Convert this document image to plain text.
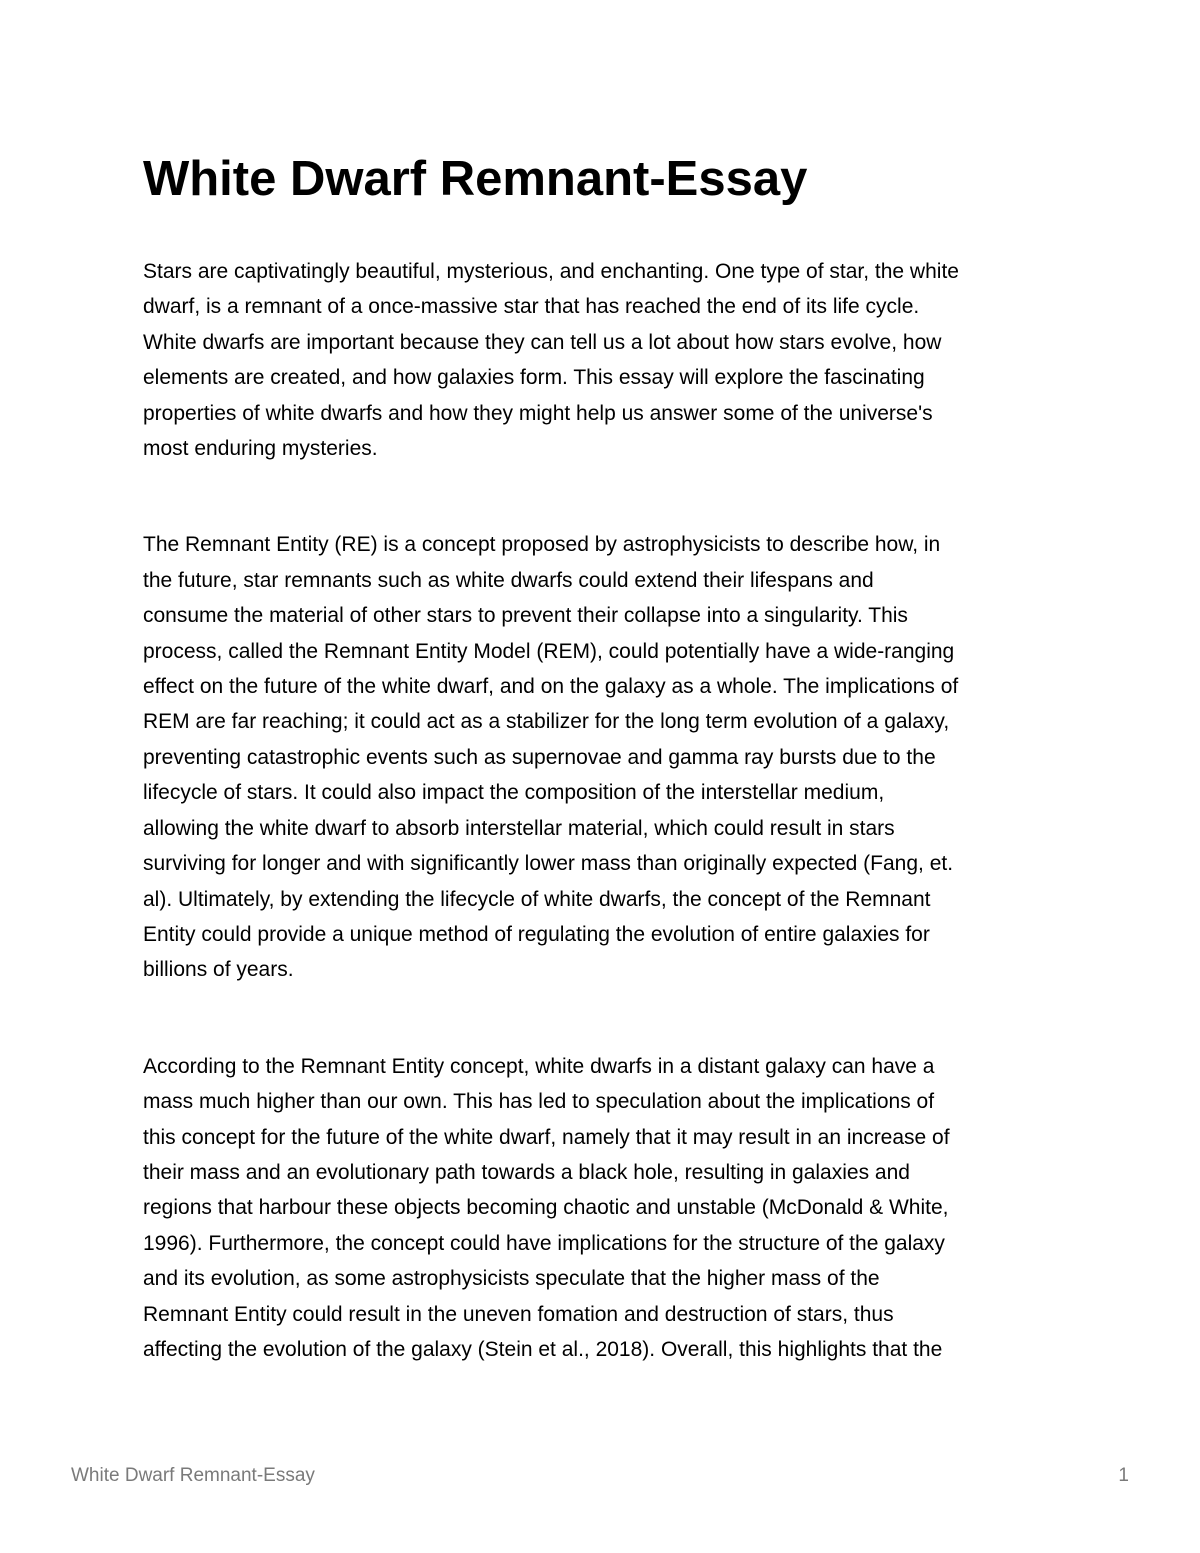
White Dwarf Remnant-Essay
Stars are captivatingly beautiful, mysterious, and enchanting. One type of star, the white
dwarf, is a remnant of a once-massive star that has reached the end of its life cycle.
White dwarfs are important because they can tell us a lot about how stars evolve, how
elements are created, and how galaxies form. This essay will explore the fascinating
properties of white dwarfs and how they might help us answer some of the universe's
most enduring mysteries.
The Remnant Entity (RE) is a concept proposed by astrophysicists to describe how, in
the future, star remnants such as white dwarfs could extend their lifespans and
consume the material of other stars to prevent their collapse into a singularity. This
process, called the Remnant Entity Model (REM), could potentially have a wide-ranging
effect on the future of the white dwarf, and on the galaxy as a whole. The implications of
REM are far reaching; it could act as a stabilizer for the long term evolution of a galaxy,
preventing catastrophic events such as supernovae and gamma ray bursts due to the
lifecycle of stars. It could also impact the composition of the interstellar medium,
allowing the white dwarf to absorb interstellar material, which could result in stars
surviving for longer and with significantly lower mass than originally expected (Fang, et.
al). Ultimately, by extending the lifecycle of white dwarfs, the concept of the Remnant
Entity could provide a unique method of regulating the evolution of entire galaxies for
billions of years.
According to the Remnant Entity concept, white dwarfs in a distant galaxy can have a
mass much higher than our own. This has led to speculation about the implications of
this concept for the future of the white dwarf, namely that it may result in an increase of
their mass and an evolutionary path towards a black hole, resulting in galaxies and
regions that harbour these objects becoming chaotic and unstable (McDonald & White,
1996). Furthermore, the concept could have implications for the structure of the galaxy
and its evolution, as some astrophysicists speculate that the higher mass of the
Remnant Entity could result in the uneven fomation and destruction of stars, thus
affecting the evolution of the galaxy (Stein et al., 2018). Overall, this highlights that the
White Dwarf Remnant-Essay	1
